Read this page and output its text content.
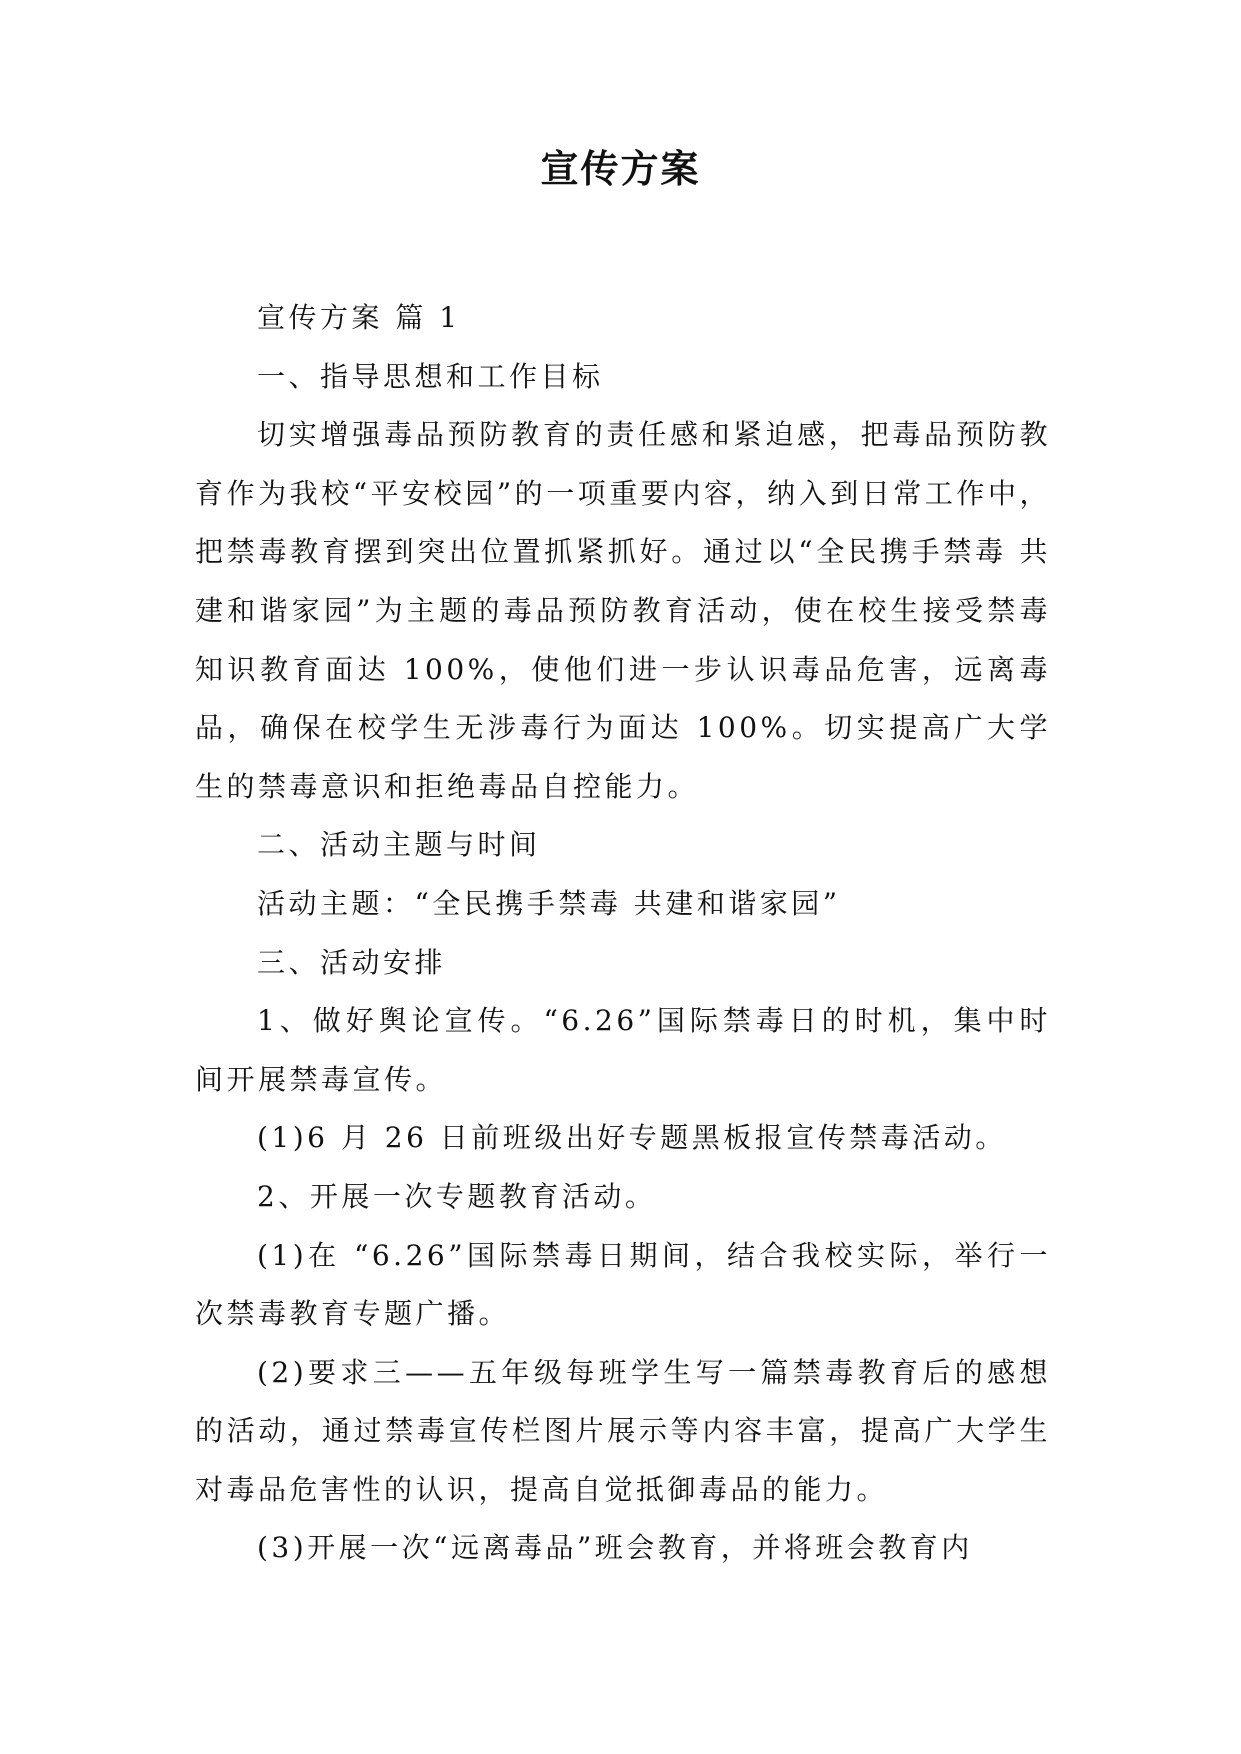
宣传方案

宣传方案 篇 1

一、指导思想和工作目标

切实增强毒品预防教育的责任感和紧迫感，把毒品预防教育作为我校“平安校园”的一项重要内容，纳入到日常工作中，把禁毒教育摆到突出位置抓紧抓好。通过以“全民携手禁毒 共建和谐家园”为主题的毒品预防教育活动，使在校生接受禁毒知识教育面达 100%，使他们进一步认识毒品危害，远离毒品，确保在校学生无涉毒行为面达 100%。切实提高广大学生的禁毒意识和拒绝毒品自控能力。

二、活动主题与时间

活动主题：“全民携手禁毒 共建和谐家园”

三、活动安排

1、做好舆论宣传。“6.26”国际禁毒日的时机，集中时间开展禁毒宣传。

(1)6 月 26 日前班级出好专题黑板报宣传禁毒活动。

2、开展一次专题教育活动。

(1)在 “6.26”国际禁毒日期间，结合我校实际，举行一次禁毒教育专题广播。

(2)要求三——五年级每班学生写一篇禁毒教育后的感想的活动，通过禁毒宣传栏图片展示等内容丰富，提高广大学生对毒品危害性的认识，提高自觉抵御毒品的能力。

(3)开展一次“远离毒品”班会教育，并将班会教育内
